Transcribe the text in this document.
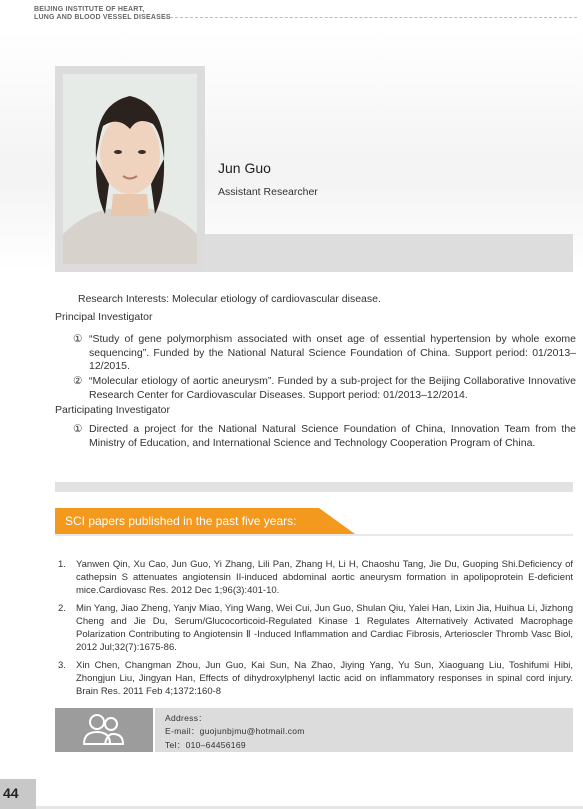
BEIJING INSTITUTE OF HEART,
LUNG AND BLOOD VESSEL DISEASES
Jun Guo
Assistant Researcher
Research Interests: Molecular etiology of cardiovascular disease.
Principal Investigator
① “Study of gene polymorphism associated with onset age of essential hypertension by whole exome sequencing”. Funded by the National Natural Science Foundation of China. Support period: 01/2013–12/2015.
② “Molecular etiology of aortic aneurysm”. Funded by a sub-project for the Beijing Collaborative Innovative Research Center for Cardiovascular Diseases. Support period: 01/2013–12/2014.
Participating Investigator
① Directed a project for the National Natural Science Foundation of China, Innovation Team from the Ministry of Education, and International Science and Technology Cooperation Program of China.
SCI papers published in the past five years:
1.	Yanwen Qin, Xu Cao, Jun Guo, Yi Zhang, Lili Pan, Zhang H, Li H, Chaoshu Tang, Jie Du, Guoping Shi.Deficiency of cathepsin S attenuates angiotensin II-induced abdominal aortic aneurysm formation in apolipoprotein E-deficient mice.Cardiovasc Res. 2012 Dec 1;96(3):401-10.
2.	Min Yang, Jiao Zheng, Yanjv Miao, Ying Wang, Wei Cui, Jun Guo, Shulan Qiu, Yalei Han, Lixin Jia, Huihua Li, Jizhong Cheng and Jie Du, Serum/Glucocorticoid-Regulated Kinase 1 Regulates Alternatively Activated Macrophage Polarization Contributing to Angiotensin Ⅱ -Induced Inflammation and Cardiac Fibrosis, Arterioscler Thromb Vasc Biol, 2012 Jul;32(7):1675-86.
3.	Xin Chen, Changman Zhou, Jun Guo, Kai Sun, Na Zhao, Jiying Yang, Yu Sun, Xiaoguang Liu, Toshifumi Hibi, Zhongjun Liu, Jingyan Han, Effects of dihydroxylphenyl lactic acid on inflammatory responses in spinal cord injury. Brain Res. 2011 Feb 4;1372:160-8
Address：
E-mail：guojunbjmu@hotmail.com
Tel：010–64456169
44
